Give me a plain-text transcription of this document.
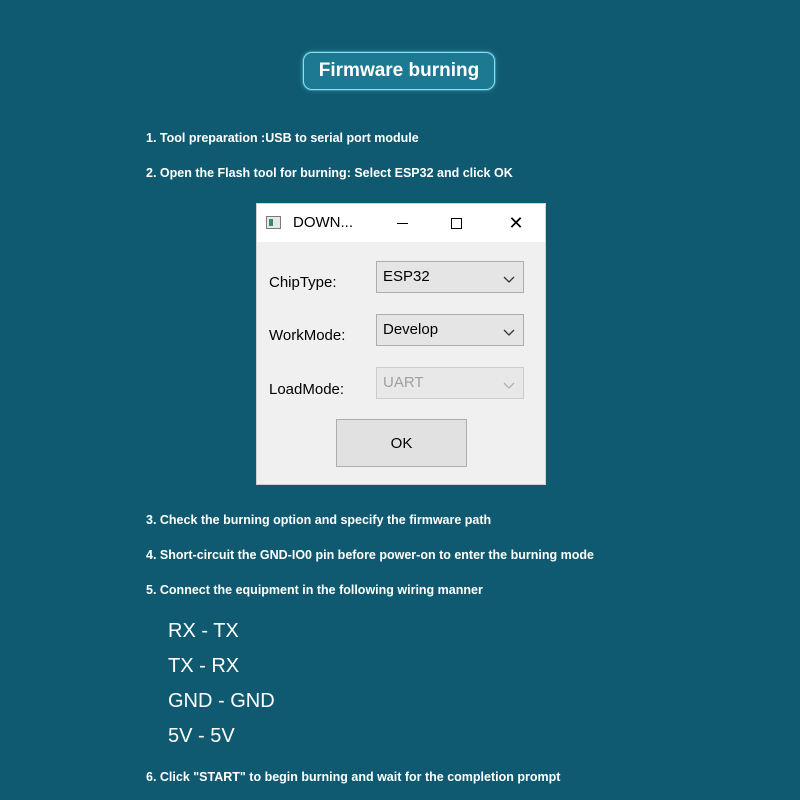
Firmware burning
1. Tool preparation :USB to serial port module
2. Open the Flash tool for burning: Select ESP32 and click OK
DOWN...	✕
ChipType:	ESP32
WorkMode:	Develop
LoadMode:	UART
OK
3. Check the burning option and specify the firmware path
4. Short-circuit the GND-IO0 pin before power-on to enter the burning mode
5. Connect the equipment in the following wiring manner
RX - TX
TX - RX
GND - GND
5V - 5V
6. Click "START" to begin burning and wait for the completion prompt
